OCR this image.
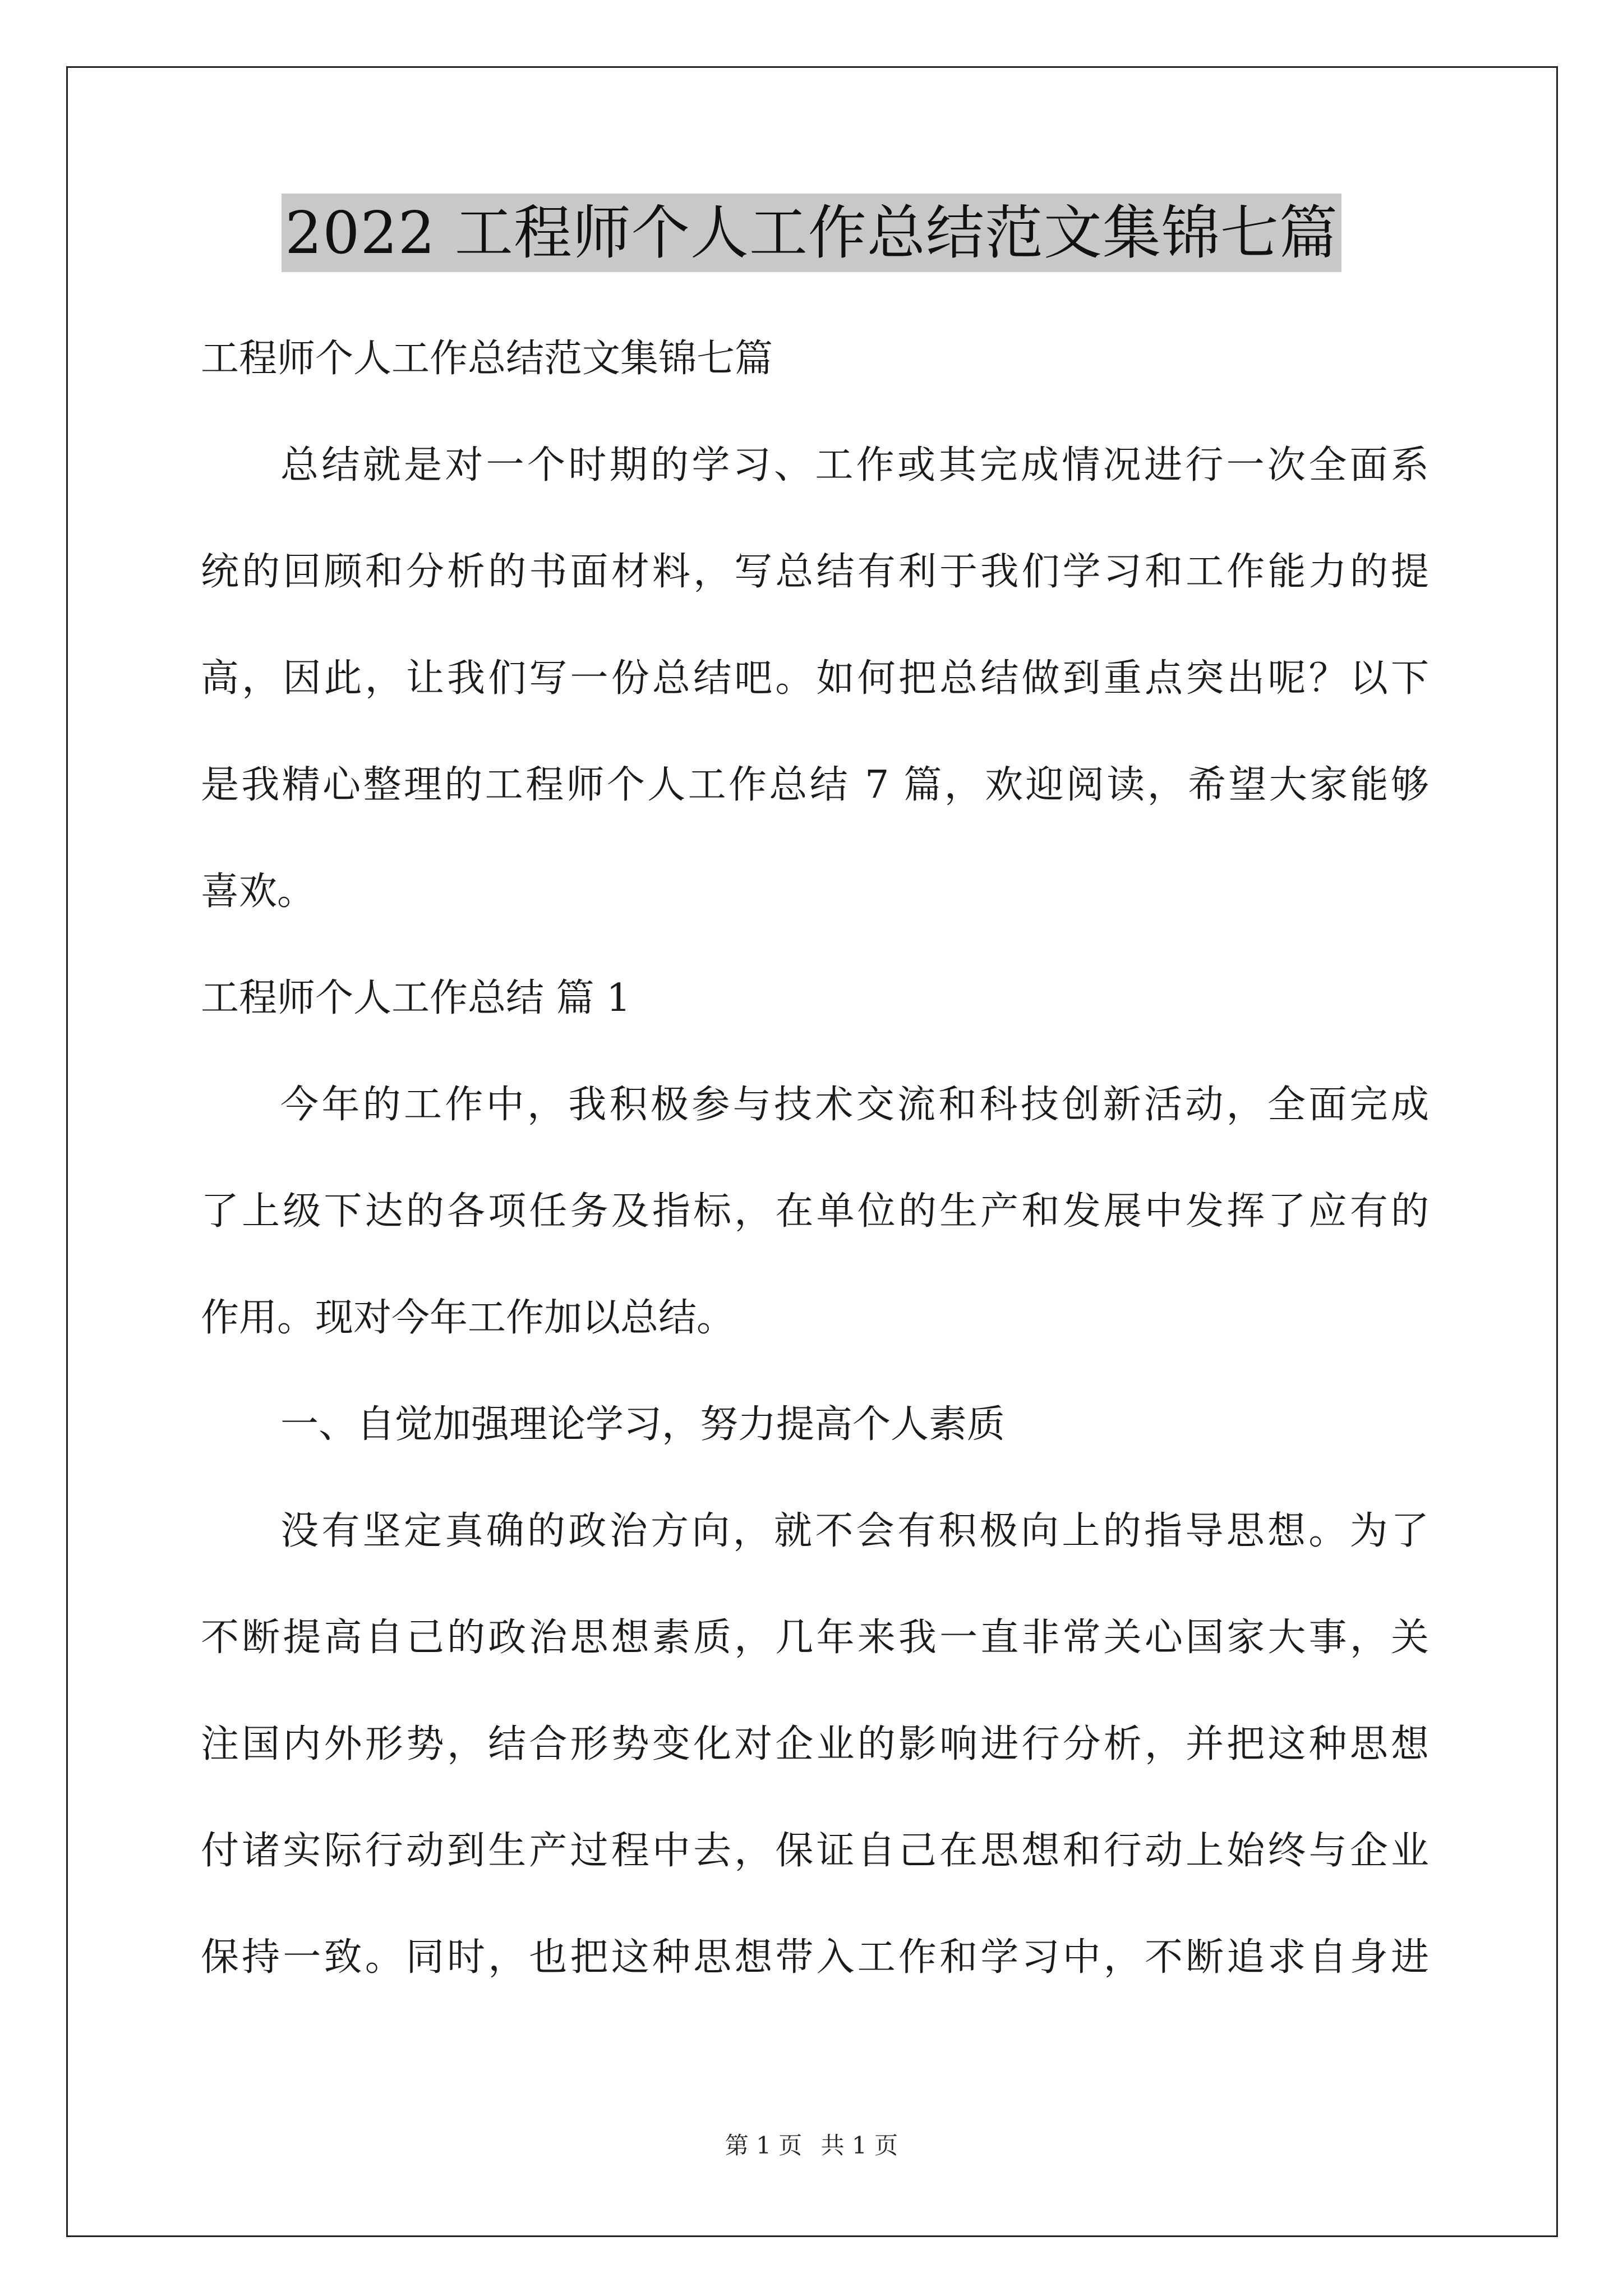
2022 工程师个人工作总结范文集锦七篇
工程师个人工作总结范文集锦七篇
总结就是对一个时期的学习、工作或其完成情况进行一次全面系
统的回顾和分析的书面材料，写总结有利于我们学习和工作能力的提
高，因此，让我们写一份总结吧。如何把总结做到重点突出呢？以下
是我精心整理的工程师个人工作总结 7 篇，欢迎阅读，希望大家能够
喜欢。
工程师个人工作总结 篇 1
今年的工作中，我积极参与技术交流和科技创新活动，全面完成
了上级下达的各项任务及指标，在单位的生产和发展中发挥了应有的
作用。现对今年工作加以总结。
一、自觉加强理论学习，努力提高个人素质
没有坚定真确的政治方向，就不会有积极向上的指导思想。为了
不断提高自己的政治思想素质，几年来我一直非常关心国家大事，关
注国内外形势，结合形势变化对企业的影响进行分析，并把这种思想
付诸实际行动到生产过程中去，保证自己在思想和行动上始终与企业
保持一致。同时，也把这种思想带入工作和学习中，不断追求自身进
第 1 页 共 1 页
